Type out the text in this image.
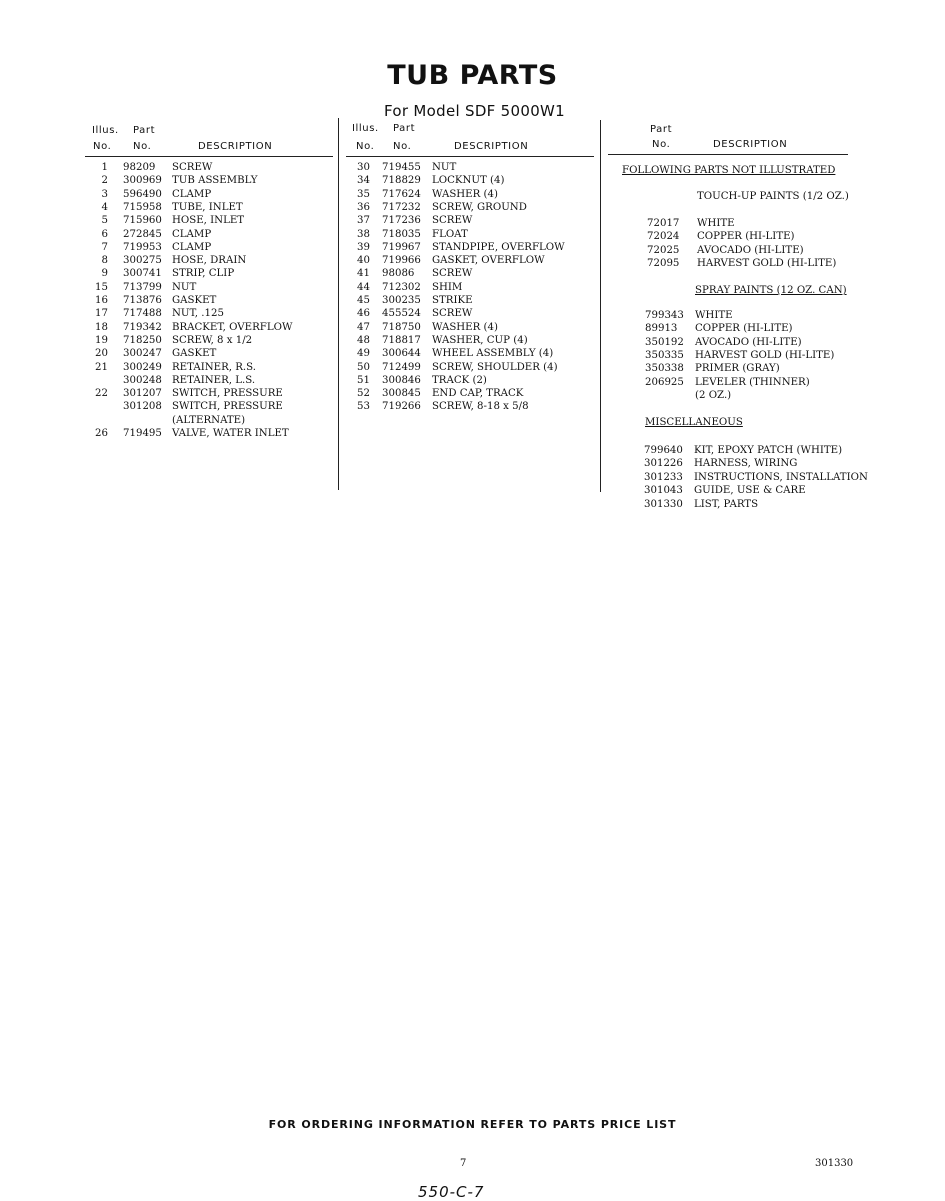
TUB PARTS
For Model SDF 5000W1
Illus. Part
No. No.	DESCRIPTION
1 98209 SCREW
2 300969 TUB ASSEMBLY
3 596490 CLAMP
4 715958 TUBE, INLET
5 715960 HOSE, INLET
6 272845 CLAMP
7 719953 CLAMP
8 300275 HOSE, DRAIN
9 300741 STRIP, CLIP
15 713799 NUT
16 713876 GASKET
17 717488 NUT, .125
18 719342 BRACKET, OVERFLOW
19 718250 SCREW, 8 x 1/2
20 300247 GASKET
21 300249 RETAINER, R.S.
300248 RETAINER, L.S.
22 301207 SWITCH, PRESSURE
301208 SWITCH, PRESSURE
(ALTERNATE)
26 719495 VALVE, WATER INLET
Illus. Part
No. No.	DESCRIPTION
30 719455 NUT
34 718829 LOCKNUT (4)
35 717624 WASHER (4)
36 717232 SCREW, GROUND
37 717236 SCREW
38 718035 FLOAT
39 719967 STANDPIPE, OVERFLOW
40 719966 GASKET, OVERFLOW
41 98086 SCREW
44 712302 SHIM
45 300235 STRIKE
46 455524 SCREW
47 718750 WASHER (4)
48 718817 WASHER, CUP (4)
49 300644 WHEEL ASSEMBLY (4)
50 712499 SCREW, SHOULDER (4)
51 300846 TRACK (2)
52 300845 END CAP, TRACK
53 719266 SCREW, 8-18 x 5/8
Part
No.	DESCRIPTION
FOLLOWING PARTS NOT ILLUSTRATED
TOUCH-UP PAINTS (1/2 OZ.)
72017 WHITE
72024 COPPER (HI-LITE)
72025 AVOCADO (HI-LITE)
72095 HARVEST GOLD (HI-LITE)
SPRAY PAINTS (12 OZ. CAN)
799343 WHITE
89913 COPPER (HI-LITE)
350192 AVOCADO (HI-LITE)
350335 HARVEST GOLD (HI-LITE)
350338 PRIMER (GRAY)
206925 LEVELER (THINNER)
(2 OZ.)
MISCELLANEOUS
799640 KIT, EPOXY PATCH (WHITE)
301226 HARNESS, WIRING
301233 INSTRUCTIONS, INSTALLATION
301043 GUIDE, USE & CARE
301330 LIST, PARTS
FOR ORDERING INFORMATION REFER TO PARTS PRICE LIST
7	301330
550-C-7
